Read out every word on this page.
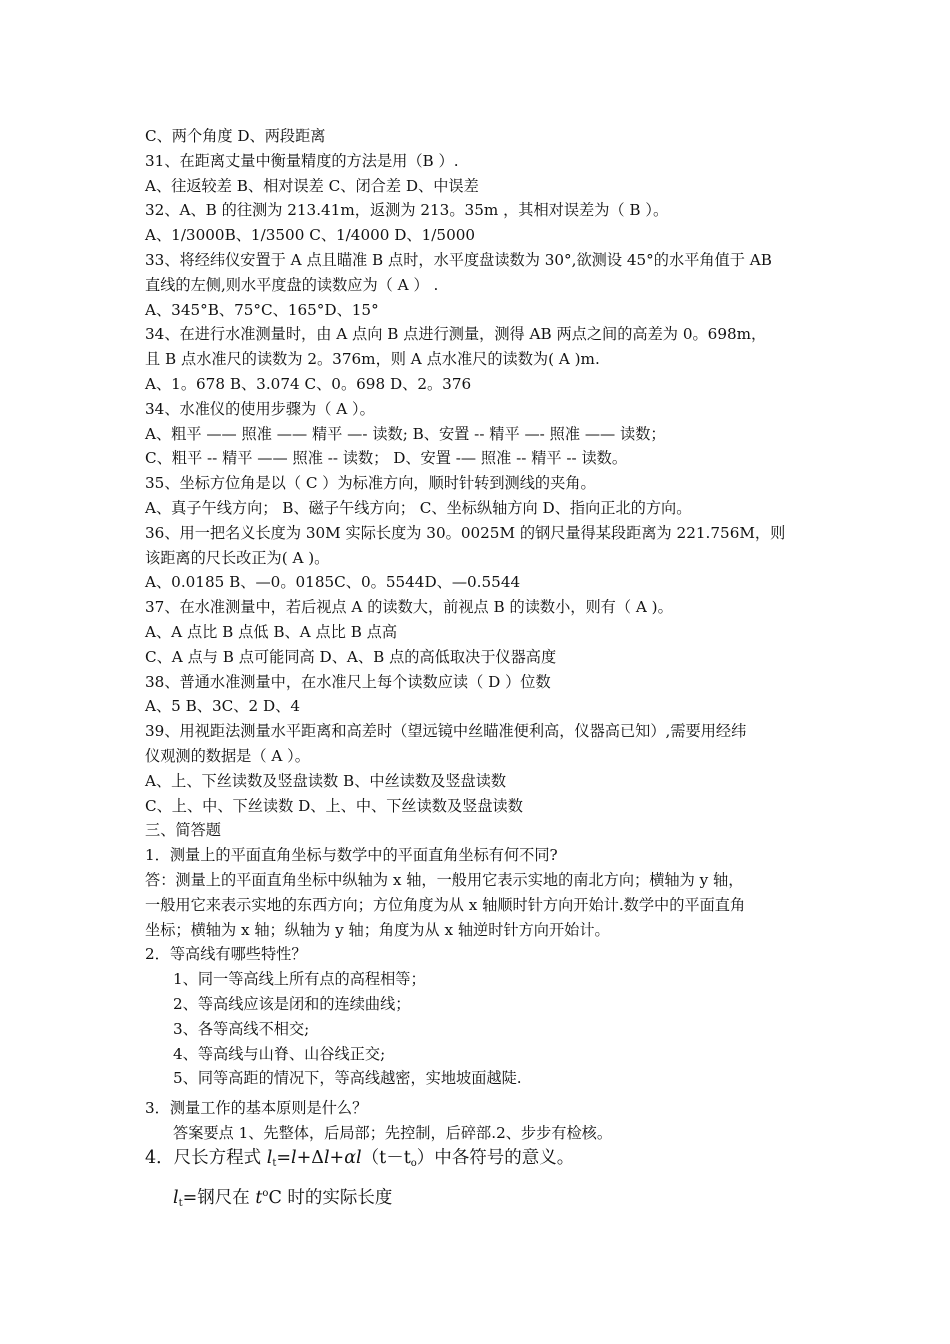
C、两个角度 D、两段距离

31、在距离丈量中衡量精度的方法是用（B ）.

A、往返较差 B、相对误差 C、闭合差 D、中误差

32、A、B 的往测为 213.41m，返测为 213。35m ，其相对误差为（ B ）。

A、1/3000B、1/3500 C、1/4000 D、1/5000

33、将经纬仪安置于 A 点且瞄准 B 点时，水平度盘读数为 30°,欲测设 45°的水平角值于 AB

直线的左侧,则水平度盘的读数应为（ A ） .

A、345°B、75°C、165°D、15°

34、在进行水准测量时，由 A 点向 B 点进行测量，测得 AB 两点之间的高差为 0。698m，

且 B 点水准尺的读数为 2。376m，则 A 点水准尺的读数为( A )m.

A、1。678 B、3.074 C、0。698 D、2。376

34、水准仪的使用步骤为（ A ）。

A、粗平 —— 照准 —— 精平 —- 读数; B、安置 -- 精平 —- 照准 —— 读数；

C、粗平 -- 精平 —— 照准 -- 读数； D、安置 -— 照准 -- 精平 -- 读数。

35、坐标方位角是以（ C ）为标准方向，顺时针转到测线的夹角。

A、真子午线方向； B、磁子午线方向； C、坐标纵轴方向 D、指向正北的方向。

36、用一把名义长度为 30M 实际长度为 30。0025M 的钢尺量得某段距离为 221.756M，则

该距离的尺长改正为( A )。

A、0.0185 B、—0。0185C、0。5544D、—0.5544

37、在水准测量中，若后视点 A 的读数大，前视点 B 的读数小，则有（ A )。

A、A 点比 B 点低 B、A 点比 B 点高

C、A 点与 B 点可能同高 D、A、B 点的高低取决于仪器高度

38、普通水准测量中，在水准尺上每个读数应读（ D ）位数

A、5 B、3C、2 D、4

39、用视距法测量水平距离和高差时（望远镜中丝瞄准便利高，仪器高已知）,需要用经纬

仪观测的数据是（ A ）。

A、上、下丝读数及竖盘读数 B、中丝读数及竖盘读数

C、上、中、下丝读数 D、上、中、下丝读数及竖盘读数

三、简答题

1．测量上的平面直角坐标与数学中的平面直角坐标有何不同?

答：测量上的平面直角坐标中纵轴为 x 轴，一般用它表示实地的南北方向；横轴为 y 轴，

一般用它来表示实地的东西方向；方位角度为从 x 轴顺时针方向开始计.数学中的平面直角

坐标；横轴为 x 轴；纵轴为 y 轴；角度为从 x 轴逆时针方向开始计。

2．等高线有哪些特性？

1、同一等高线上所有点的高程相等；

2、等高线应该是闭和的连续曲线；

3、各等高线不相交;

4、等高线与山脊、山谷线正交;

5、同等高距的情况下，等高线越密，实地坡面越陡.

3．测量工作的基本原则是什么？

答案要点 1、先整体，后局部；先控制，后碎部.2、步步有检核。

4．尺长方程式 $l_t=l+\Delta l+\alpha l(t-t_o)$中各符号的意义。

$l_t=$钢尺在 $t^oC$ 时的实际长度
